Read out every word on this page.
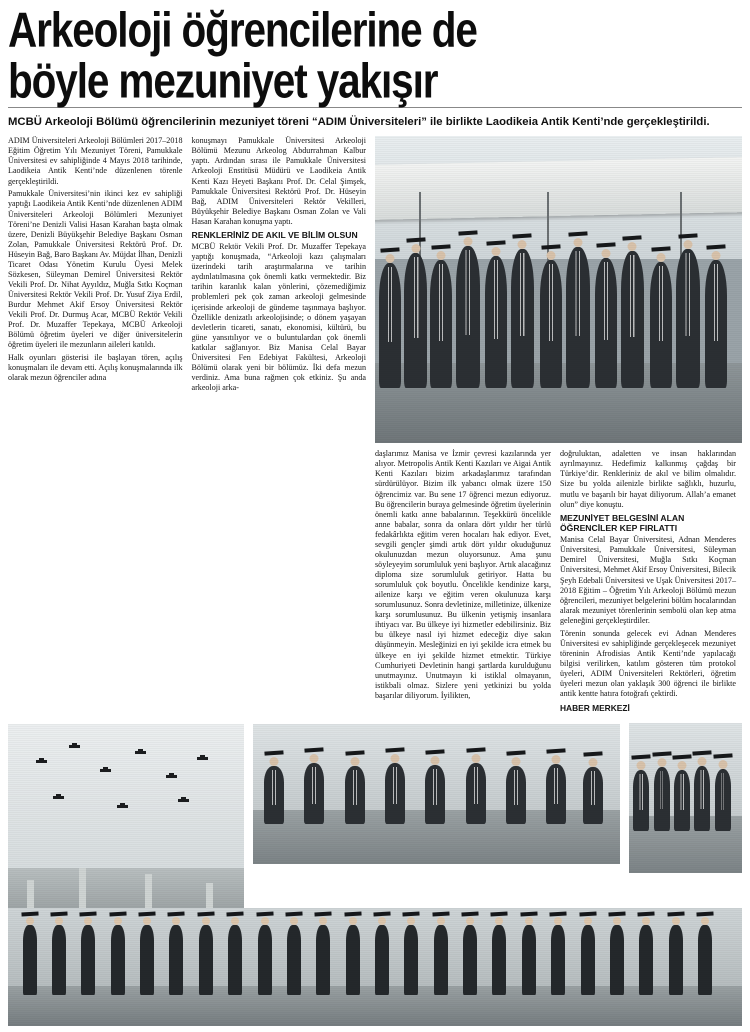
Arkeoloji öğrencilerine de
böyle mezuniyet yakışır
MCBÜ Arkeoloji Bölümü öğrencilerinin mezuniyet töreni “ADIM Üniversiteleri” ile birlikte Laodikeia Antik Kenti’nde gerçekleştirildi.

ADIM Üniversiteleri Arkeoloji Bölümleri 2017–2018 Eğitim Öğretim Yılı Mezuniyet Töreni, Pamukkale Üniversitesi ev sahipliğinde 4 Mayıs 2018 tarihinde, Laodikeia Antik Kenti’nde düzenlenen törenle gerçekleştirildi.

Pamukkale Üniversitesi’nin ikinci kez ev sahipliği yaptığı Laodikeia Antik Kenti’nde düzenlenen ADIM Üniversiteleri Arkeoloji Bölümleri Mezuniyet Töreni’ne Denizli Valisi Hasan Karahan başta olmak üzere, Denizli Büyükşehir Belediye Başkanı Osman Zolan, Pamukkale Üniversitesi Rektörü Prof. Dr. Hüseyin Bağ, Baro Başkanı Av. Müjdat İlhan, Denizli Ticaret Odası Yönetim Kurulu Üyesi Melek Sözkesen, Süleyman Demirel Üniversitesi Rektör Vekili Prof. Dr. Nihat Ayyıldız, Muğla Sıtkı Koçman Üniversitesi Rektör Vekili Prof. Dr. Yusuf Ziya Erdil, Burdur Mehmet Akif Ersoy Üniversitesi Rektör Vekili Prof. Dr. Durmuş Acar, MCBÜ Rektör Vekili Prof. Dr. Muzaffer Tepekaya, MCBÜ Arkeoloji Bölümü öğretim üyeleri ve diğer üniversitelerin öğretim üyeleri ile mezunların aileleri katıldı.

Halk oyunları gösterisi ile başlayan tören, açılış konuşmaları ile devam etti. Açılış konuşmalarında ilk olarak mezun öğrenciler adına

konuşmayı Pamukkale Üniversitesi Arkeoloji Bölümü Mezunu Arkeolog Abdurrahman Kalbur yaptı. Ardından sırası ile Pamukkale Üniversitesi Arkeoloji Enstitüsü Müdürü ve Laodikeia Antik Kenti Kazı Heyeti Başkanı Prof. Dr. Celal Şimşek, Pamukkale Üniversitesi Rektörü Prof. Dr. Hüseyin Bağ, ADIM Üniversiteleri Rektör Vekilleri, Büyükşehir Belediye Başkanı Osman Zolan ve Vali Hasan Karahan konuşma yaptı.

RENKLERİNİZ DE AKIL VE BİLİM OLSUN

MCBÜ Rektör Vekili Prof. Dr. Muzaffer Tepekaya yaptığı konuşmada, “Arkeoloji kazı çalışmaları üzerindeki tarih araştırmalarına ve tarihin aydınlatılmasına çok önemli katkı vermektedir. Biz tarihin karanlık kalan yönlerini, çözemediğimiz problemleri pek çok zaman arkeoloji gelmesinde içerisinde arkeoloji de gündeme taşınmaya başlıyor. Özellikle denizatlı arkeolojisinde; o dönem yaşayan devletlerin ticareti, sanatı, ekonomisi, kültürü, bu güne yansıtılıyor ve o buluntulardan çok önemli katkılar sağlanıyor. Biz Manisa Celal Bayar Üniversitesi Fen Edebiyat Fakültesi, Arkeoloji Bölümü olarak yeni bir bölümüz. İki defa mezun verdiniz. Ama buna rağmen çok etkiniz. Şu anda arkeoloji arka-

daşlarımız Manisa ve İzmir çevresi kazılarında yer alıyor. Metropolis Antik Kenti Kazıları ve Aigai Antik Kenti Kazıları bizim arkadaşlarımız tarafından sürdürülüyor. Bizim ilk yabancı olmak üzere 150 öğrencimiz var. Bu sene 17 öğrenci mezun ediyoruz. Bu öğrencilerin buraya gelmesinde öğretim üyelerinin önemli katkı anne babalarının. Teşekkürü öncelikle anne babalar, sonra da onlara dört yıldır her türlü fedakârlıkta eğitim veren hocaları hak ediyor. Evet, sevgili gençler şimdi artık dört yıldır okuduğunuz okulunuzdan mezun oluyorsunuz. Ama şunu söyleyeyim sorumluluk yeni başlıyor. Artık alacağınız diploma size sorumluluk getiriyor. Hatta bu sorumluluk çok boyutlu. Öncelikle kendinize karşı, ailenize karşı ve eğitim veren okulunuza karşı sorumlusunuz. Sonra devletinize, milletinize, ülkenize karşı sorumlusunuz. Bu ülkenin yetişmiş insanlara ihtiyacı var. Bu ülkeye iyi hizmetler edebilirsiniz. Biz bu ülkeye nasıl iyi hizmet edeceğiz diye sakın düşünmeyin. Mesleğinizi en iyi şekilde icra etmek bu ülkeye en iyi şekilde hizmet etmektir. Türkiye Cumhuriyeti Devletinin hangi şartlarda kurulduğunu unutmayınız. Unutmayın ki istiklal olmayanın, istikbali olmaz. Sizlere yeni yetkinizi bu yolda başarılar diliyorum. İyilikten,

doğruluktan, adaletten ve insan haklarından ayrılmayınız. Hedefimiz kalkınmış çağdaş bir Türkiye’dir. Renkleriniz de akıl ve bilim olmalıdır. Size bu yolda ailenizle birlikte sağlıklı, huzurlu, mutlu ve başarılı bir hayat diliyorum. Allah’a emanet olun” diye konuştu.

MEZUNİYET BELGESİNİ ALAN ÖĞRENCİLER KEP FIRLATTI

Manisa Celal Bayar Üniversitesi, Adnan Menderes Üniversitesi, Pamukkale Üniversitesi, Süleyman Demirel Üniversitesi, Muğla Sıtkı Koçman Üniversitesi, Mehmet Akif Ersoy Üniversitesi, Bilecik Şeyh Edebali Üniversitesi ve Uşak Üniversitesi 2017–2018 Eğitim – Öğretim Yılı Arkeoloji Bölümü mezun öğrencileri, mezuniyet belgelerini bölüm hocalarından alarak mezuniyet törenlerinin sembolü olan kep atma geleneğini gerçekleştirdiler.

Törenin sonunda gelecek evi Adnan Menderes Üniversitesi ev sahipliğinde gerçekleşecek mezuniyet töreninin Afrodisias Antik Kenti’nde yapılacağı bilgisi verilirken, katılım gösteren tüm protokol üyeleri, ADIM Üniversiteleri Rektörleri, öğretim üyeleri mezun olan yaklaşık 300 öğrenci ile birlikte antik kentte hatıra fotoğrafı çektirdi.

HABER MERKEZİ
